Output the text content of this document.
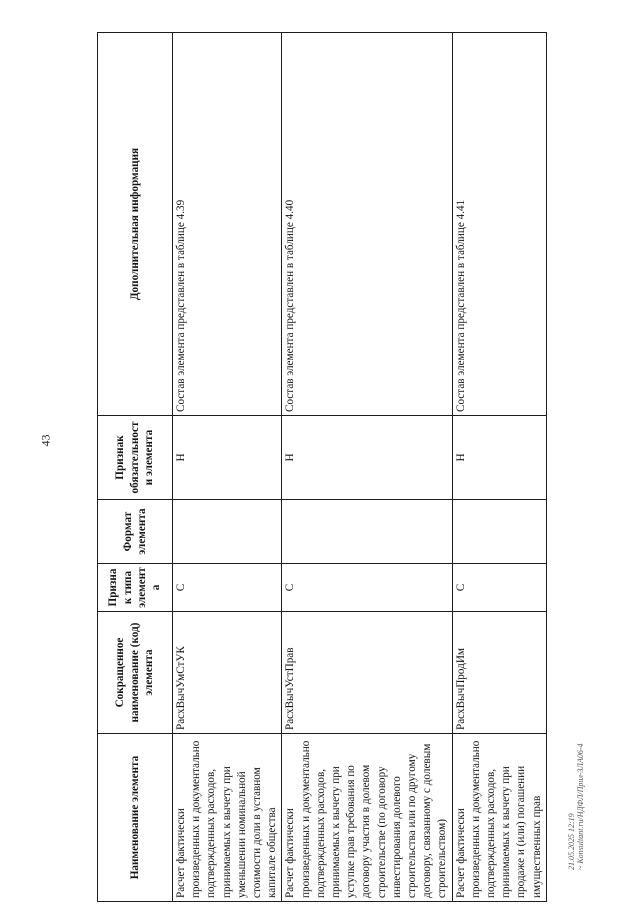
43
Наименование элемента	Сокращенное наименование (код) элемента	Признак типа элемента	Формат элемента	Признак обязательности элемента	Дополнительная информация
Расчет фактически произведенных и документально подтвержденных расходов, принимаемых к вычету при уменьшении номинальной стоимости доли в уставном капитале общества	РасхВычУмСтУК	С		Н	Состав элемента представлен в таблице 4.39
Расчет фактически произведенных и документально подтвержденных расходов, принимаемых к вычету при уступке прав требования по договору участия в долевом строительстве (по договору инвестирования долевого строительства или по другому договору, связанному с долевым строительством)	РасхВычУстПрав	С		Н	Состав элемента представлен в таблице 4.40
Расчет фактически произведенных и документально подтвержденных расходов, принимаемых к вычету при продаже и (или) погашении имущественных прав	РасхВычПродИм	С		Н	Состав элемента представлен в таблице 4.41
21.05.2025 12:19 ~ Konsultant.ru/НДФЛ/Прил-3ЛА06-4
